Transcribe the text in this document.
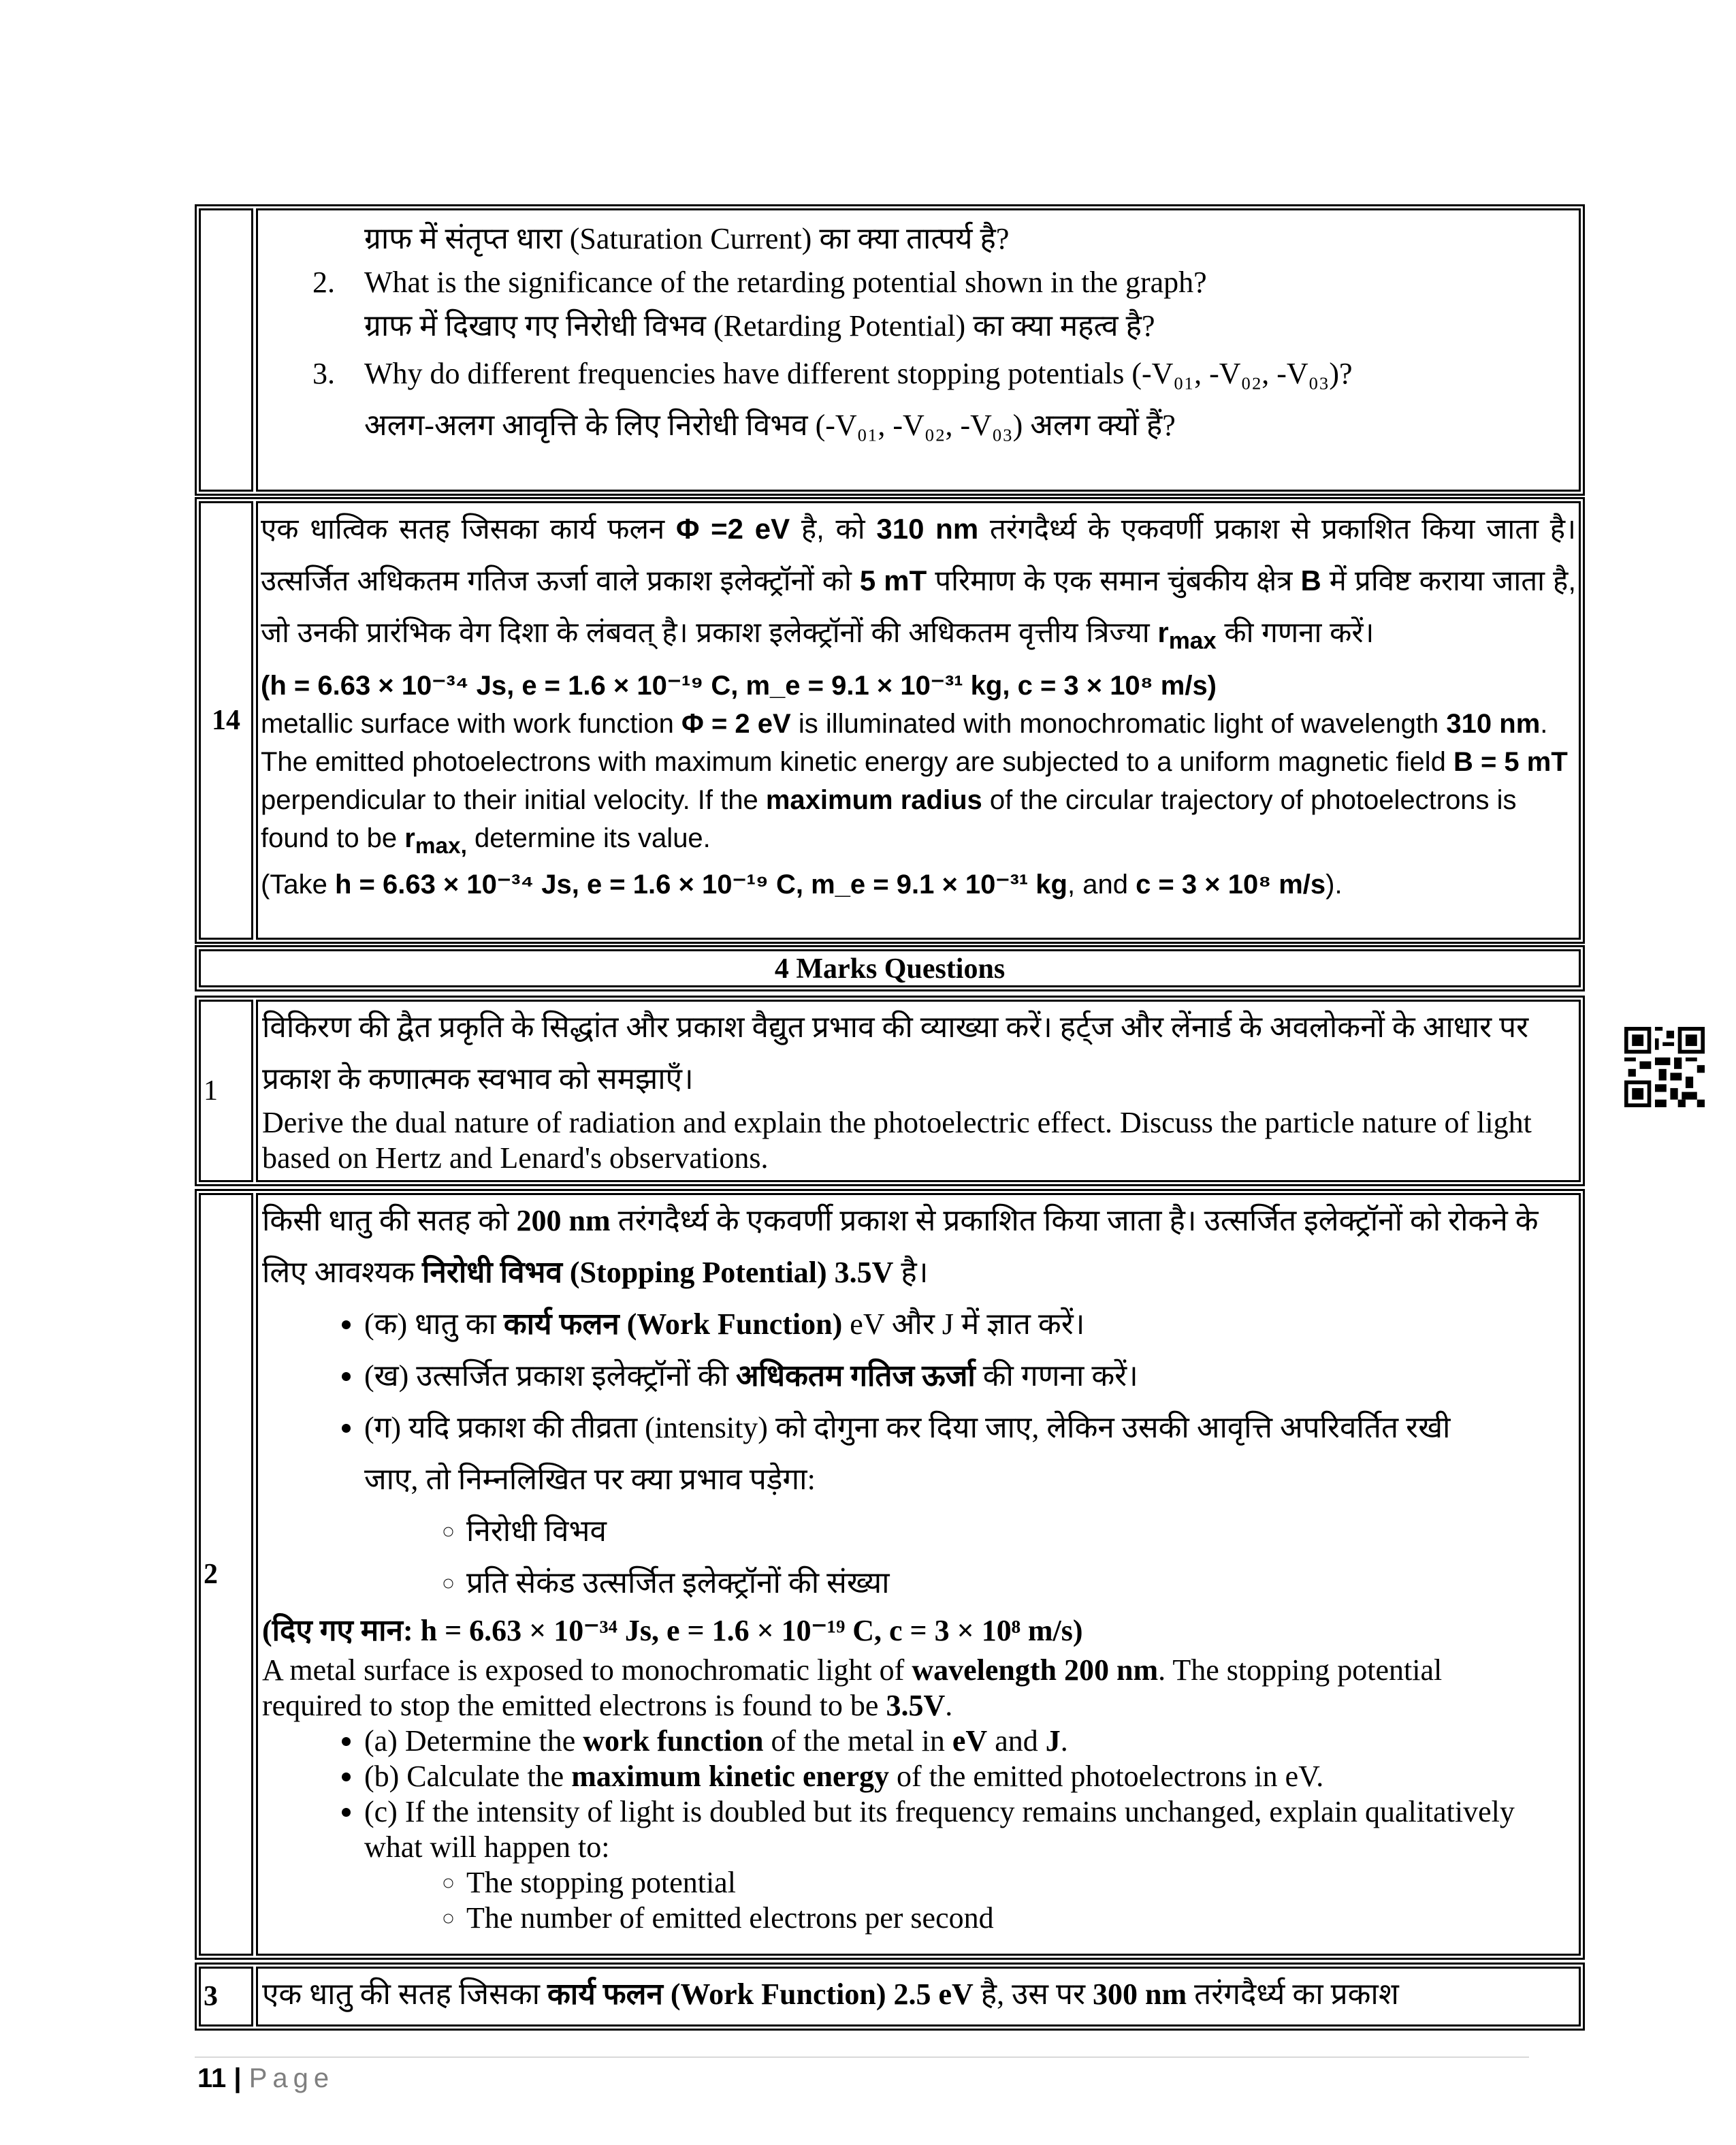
ग्राफ में संतृप्त धारा (Saturation Current) का क्या तात्पर्य है?
2. What is the significance of the retarding potential shown in the graph?
ग्राफ में दिखाए गए निरोधी विभव (Retarding Potential) का क्या महत्व है?
3. Why do different frequencies have different stopping potentials (-V₀₁, -V₀₂, -V₀₃)?
अलग-अलग आवृत्ति के लिए निरोधी विभव (-V₀₁, -V₀₂, -V₀₃) अलग क्यों हैं?
14
एक धात्विक सतह जिसका कार्य फलन Φ =2 eV है, को 310 nm तरंगदैर्ध्य के एकवर्णी प्रकाश से प्रकाशित किया जाता है। उत्सर्जित अधिकतम गतिज ऊर्जा वाले प्रकाश इलेक्ट्रॉनों को 5 mT परिमाण के एक समान चुंबकीय क्षेत्र B में प्रविष्ट कराया जाता है, जो उनकी प्रारंभिक वेग दिशा के लंबवत् है। प्रकाश इलेक्ट्रॉनों की अधिकतम वृत्तीय त्रिज्या $r_{max}$ की गणना करें।
(h = 6.63 × 10⁻³⁴ Js, e = 1.6 × 10⁻¹⁹ C, m_e = 9.1 × 10⁻³¹ kg, c = 3 × 10⁸ m/s)
metallic surface with work function Φ = 2 eV is illuminated with monochromatic light of wavelength 310 nm. The emitted photoelectrons with maximum kinetic energy are subjected to a uniform magnetic field B = 5 mT perpendicular to their initial velocity. If the maximum radius of the circular trajectory of photoelectrons is found to be $r_{max,}$ determine its value.
(Take h = 6.63 × 10⁻³⁴ Js, e = 1.6 × 10⁻¹⁹ C, m_e = 9.1 × 10⁻³¹ kg, and c = 3 × 10⁸ m/s).
4 Marks Questions
1
विकिरण की द्वैत प्रकृति के सिद्धांत और प्रकाश वैद्युत प्रभाव की व्याख्या करें। हर्ट्ज और लेंनार्ड के अवलोकनों के आधार पर प्रकाश के कणात्मक स्वभाव को समझाएँ।
Derive the dual nature of radiation and explain the photoelectric effect. Discuss the particle nature of light based on Hertz and Lenard's observations.
2
किसी धातु की सतह को 200 nm तरंगदैर्ध्य के एकवर्णी प्रकाश से प्रकाशित किया जाता है। उत्सर्जित इलेक्ट्रॉनों को रोकने के लिए आवश्यक निरोधी विभव (Stopping Potential) 3.5V है।
• (क) धातु का कार्य फलन (Work Function) eV और J में ज्ञात करें।
• (ख) उत्सर्जित प्रकाश इलेक्ट्रॉनों की अधिकतम गतिज ऊर्जा की गणना करें।
• (ग) यदि प्रकाश की तीव्रता (intensity) को दोगुना कर दिया जाए, लेकिन उसकी आवृत्ति अपरिवर्तित रखी जाए, तो निम्नलिखित पर क्या प्रभाव पड़ेगा:
◦ निरोधी विभव
◦ प्रति सेकंड उत्सर्जित इलेक्ट्रॉनों की संख्या
(दिए गए मान: h = 6.63 × 10⁻³⁴ Js, e = 1.6 × 10⁻¹⁹ C, c = 3 × 10⁸ m/s)
A metal surface is exposed to monochromatic light of wavelength 200 nm. The stopping potential required to stop the emitted electrons is found to be 3.5V.
• (a) Determine the work function of the metal in eV and J.
• (b) Calculate the maximum kinetic energy of the emitted photoelectrons in eV.
• (c) If the intensity of light is doubled but its frequency remains unchanged, explain qualitatively what will happen to:
◦ The stopping potential
◦ The number of emitted electrons per second
3	एक धातु की सतह जिसका कार्य फलन (Work Function) 2.5 eV है, उस पर 300 nm तरंगदैर्ध्य का प्रकाश
11 | Page
